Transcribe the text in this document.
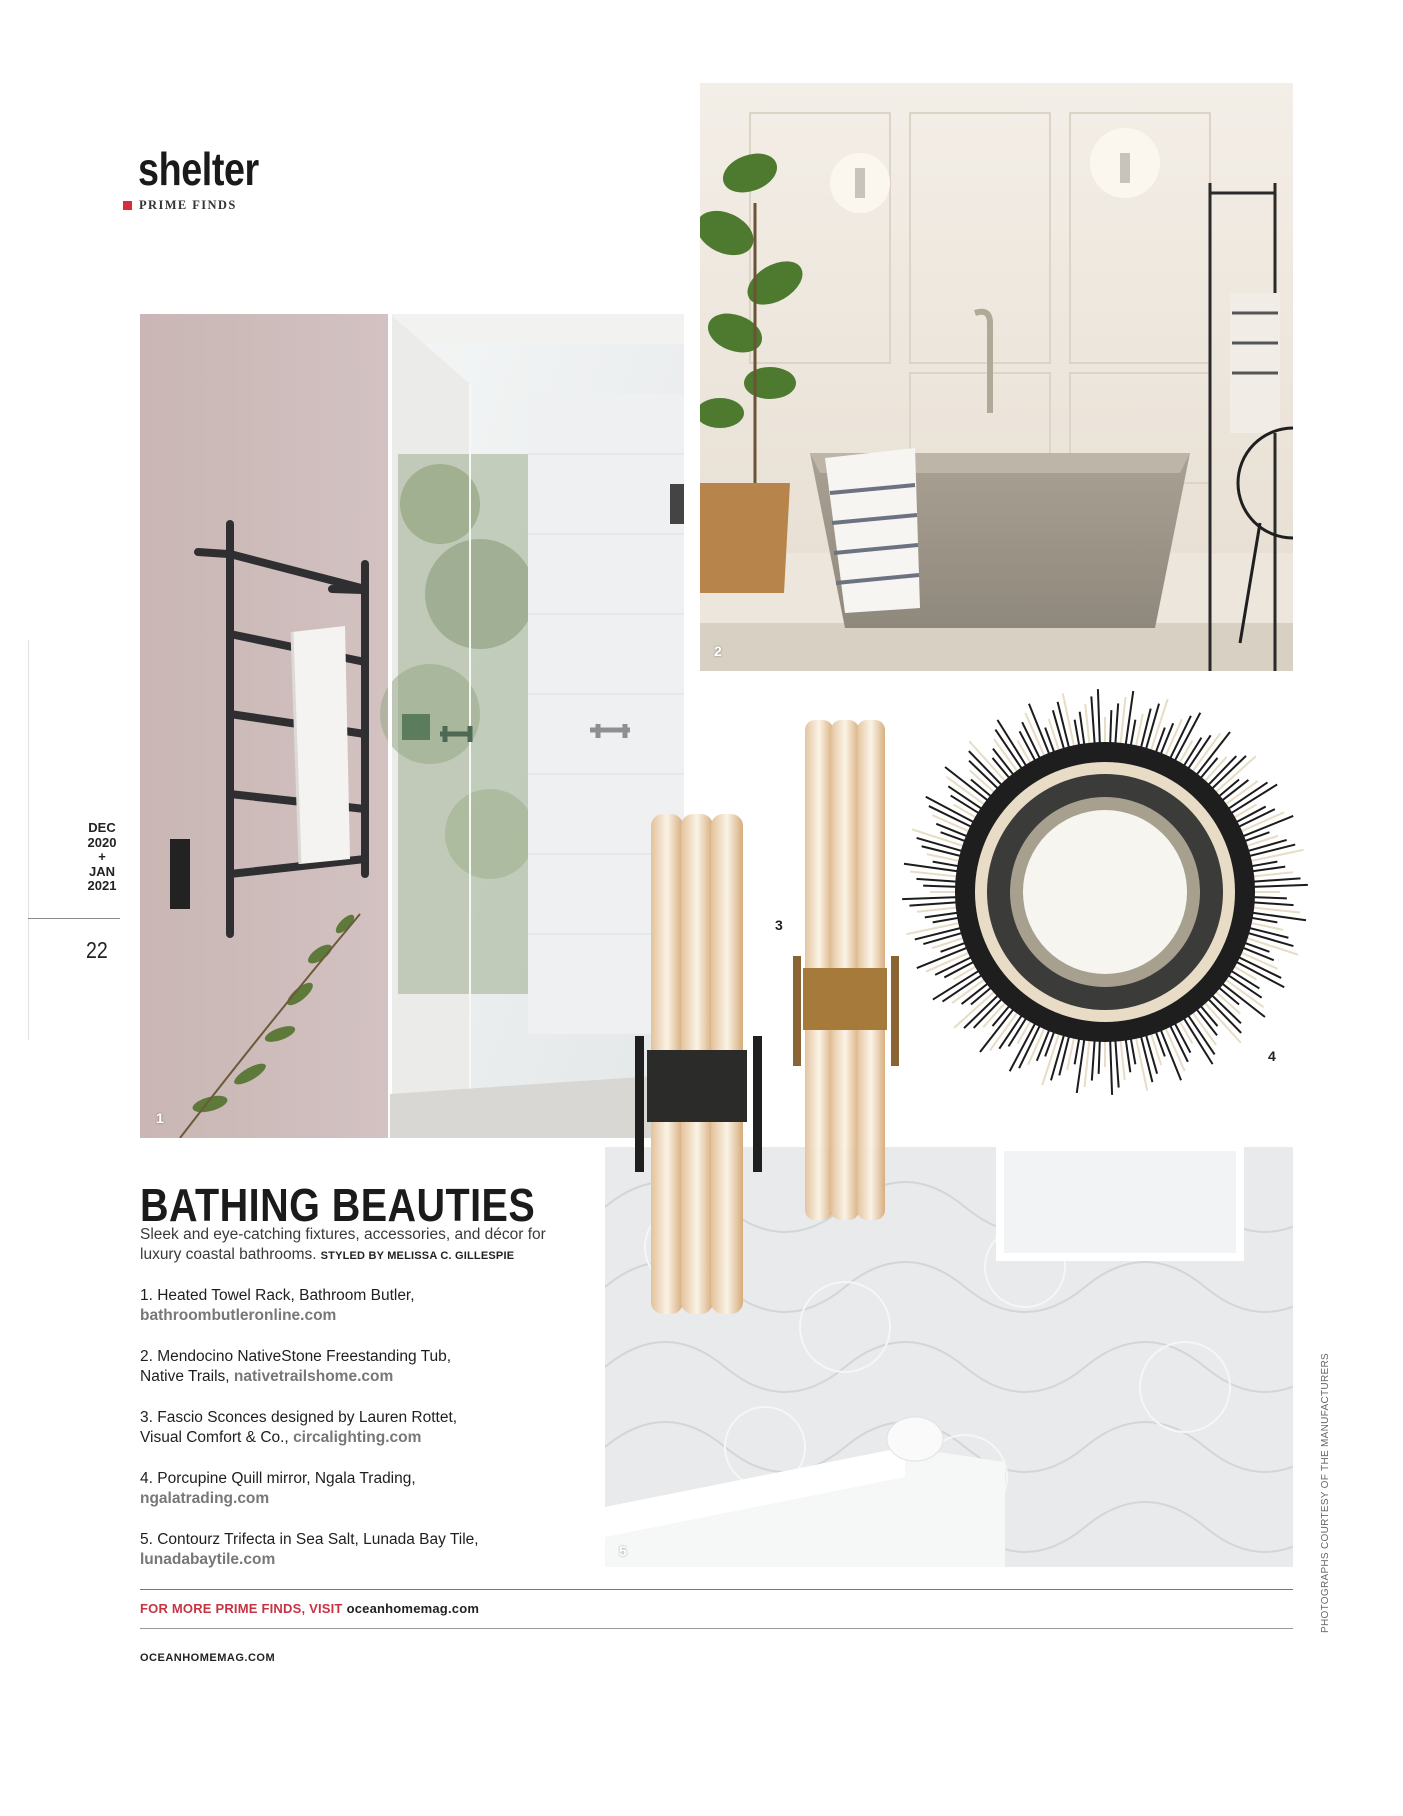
shelter
PRIME FINDS
DEC
2020
+
JAN
2021
22
1
2
5
3
4
BATHING BEAUTIES
Sleek and eye-catching fixtures, accessories, and décor for luxury coastal bathrooms. STYLED BY MELISSA C. GILLESPIE
1. Heated Towel Rack, Bathroom Butler,
bathroombutleronline.com
2. Mendocino NativeStone Freestanding Tub,
Native Trails, nativetrailshome.com
3. Fascio Sconces designed by Lauren Rottet,
Visual Comfort & Co., circalighting.com
4. Porcupine Quill mirror, Ngala Trading,
ngalatrading.com
5. Contourz Trifecta in Sea Salt, Lunada Bay Tile,
lunadabaytile.com
FOR MORE PRIME FINDS, VISIT oceanhomemag.com
OCEANHOMEMAG.COM
PHOTOGRAPHS COURTESY OF THE MANUFACTURERS
